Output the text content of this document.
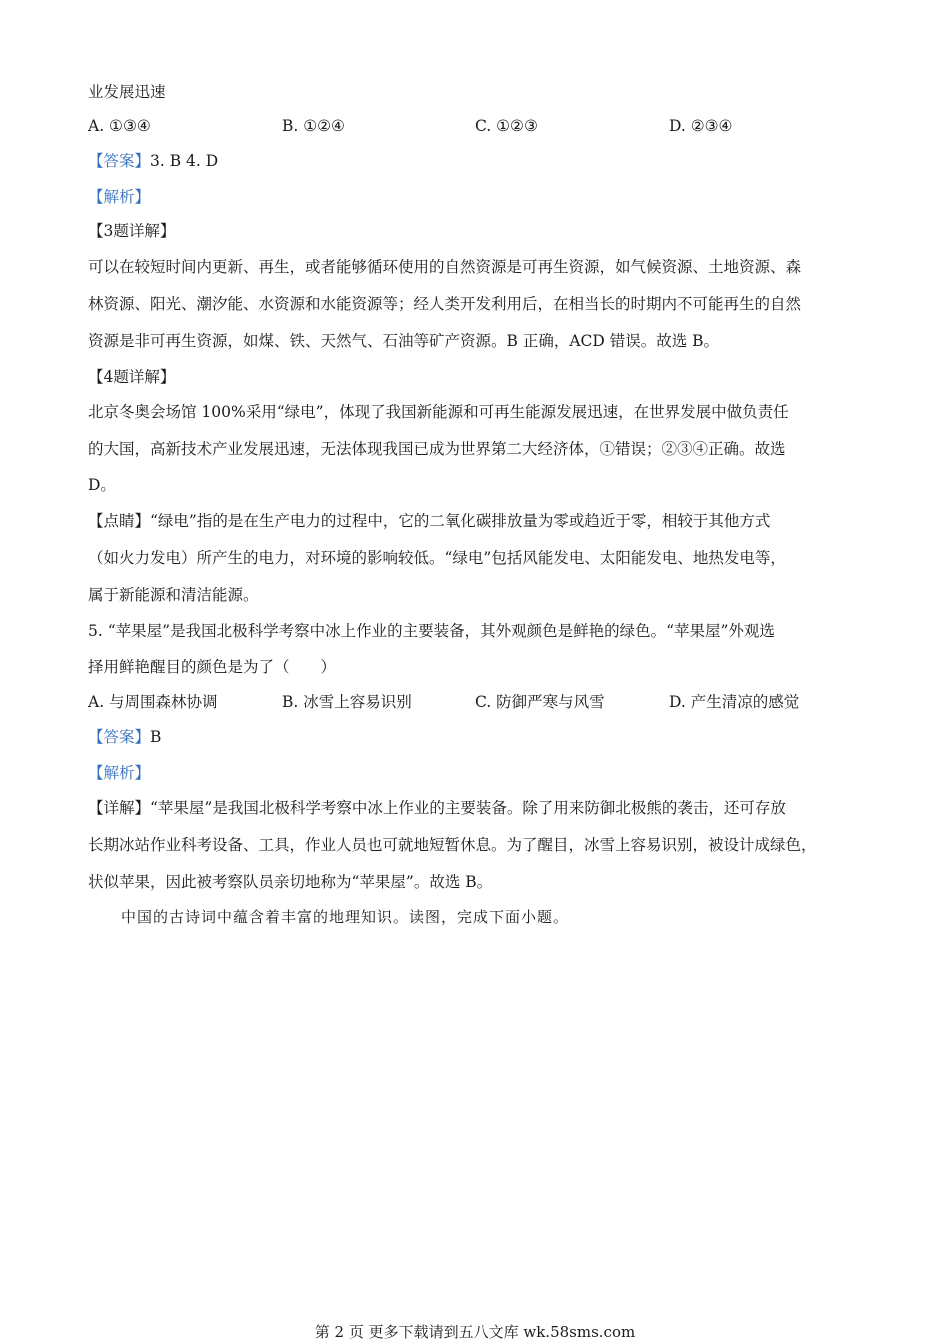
业发展迅速
A. ①③④	B. ①②④	C. ①②③	D. ②③④
【答案】3. B 4. D
【解析】
【3题详解】
可以在较短时间内更新、再生，或者能够循环使用的自然资源是可再生资源，如气候资源、土地资源、森
林资源、阳光、潮汐能、水资源和水能资源等；经人类开发利用后，在相当长的时期内不可能再生的自然
资源是非可再生资源，如煤、铁、天然气、石油等矿产资源。B 正确，ACD 错误。故选 B。
【4题详解】
北京冬奥会场馆 100%采用“绿电”，体现了我国新能源和可再生能源发展迅速，在世界发展中做负责任
的大国，高新技术产业发展迅速，无法体现我国已成为世界第二大经济体，①错误；②③④正确。故选
D。
【点睛】“绿电”指的是在生产电力的过程中，它的二氧化碳排放量为零或趋近于零，相较于其他方式
（如火力发电）所产生的电力，对环境的影响较低。“绿电”包括风能发电、太阳能发电、地热发电等，
属于新能源和清洁能源。
5. “苹果屋”是我国北极科学考察中冰上作业的主要装备，其外观颜色是鲜艳的绿色。“苹果屋”外观选
择用鲜艳醒目的颜色是为了（　　）
A. 与周围森林协调	B. 冰雪上容易识别	C. 防御严寒与风雪	D. 产生清凉的感觉
【答案】B
【解析】
【详解】“苹果屋”是我国北极科学考察中冰上作业的主要装备。除了用来防御北极熊的袭击，还可存放
长期冰站作业科考设备、工具，作业人员也可就地短暂休息。为了醒目，冰雪上容易识别，被设计成绿色，
状似苹果，因此被考察队员亲切地称为“苹果屋”。故选 B。
中国的古诗词中蕴含着丰富的地理知识。读图，完成下面小题。
第 2 页 更多下载请到五八文库 wk.58sms.com
